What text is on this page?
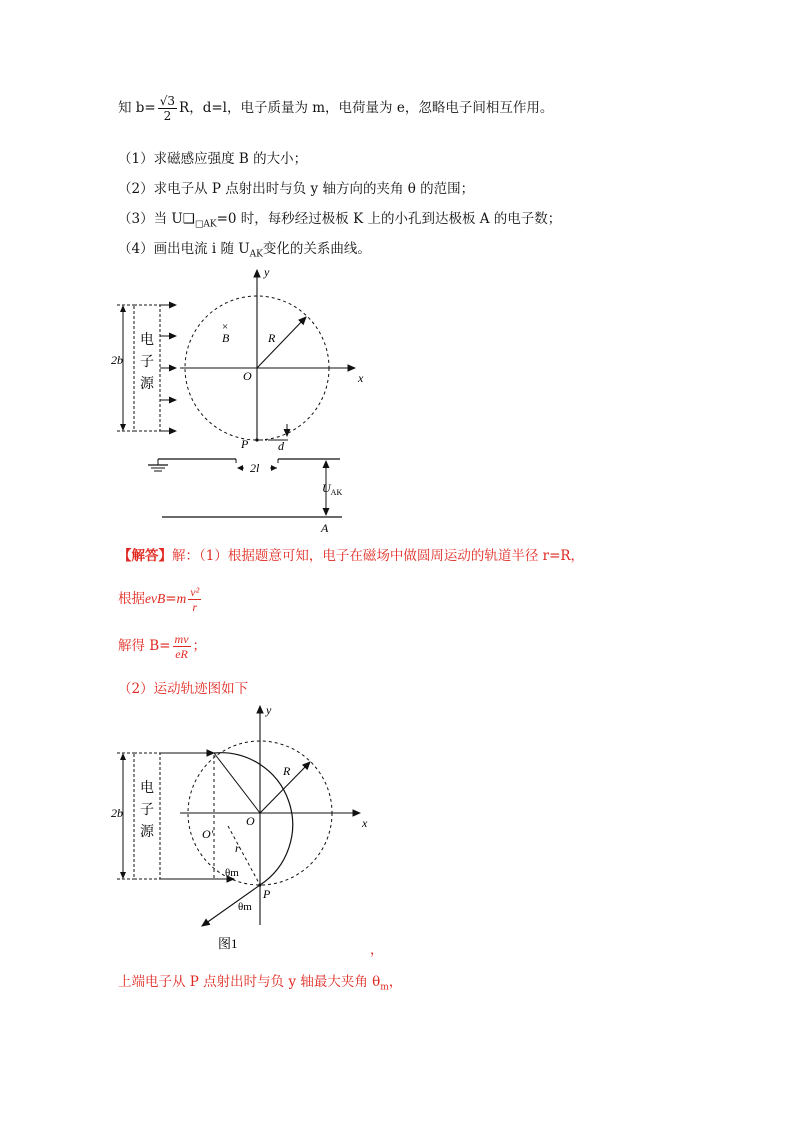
知 $b= \frac{√3}{2}$ R，d=l，电子质量为 m，电荷量为 e，忽略电子间相互作用。
（1）求磁感应强度 B 的大小；
（2）求电子从 P 点射出时与负 y 轴方向的夹角 θ 的范围；
（3）当 $U❑_{□AK}=0$ 时，每秒经过极板 K 上的小孔到达极板 A 的电子数；
（4）画出电流 i 随 $U_{AK}$变化的关系曲线。
y
x
R
O
×
B
电
子
源
2b
P d
2l
$U_{AK}$
A
【解答】解：（1）根据题意可知，电子在磁场中做圆周运动的轨道半径 r=R，
根据$evB=m \frac{\text{v²}}{r}$
解得 $B= \frac{mv}{eR}$ ；
（2）运动轨迹图如下
y
x
R
O
O′
r
电
子
源
2b
θm
P
θm
图1	，
上端电子从 P 点射出时与负 y 轴最大夹角 $\theta_m$，
